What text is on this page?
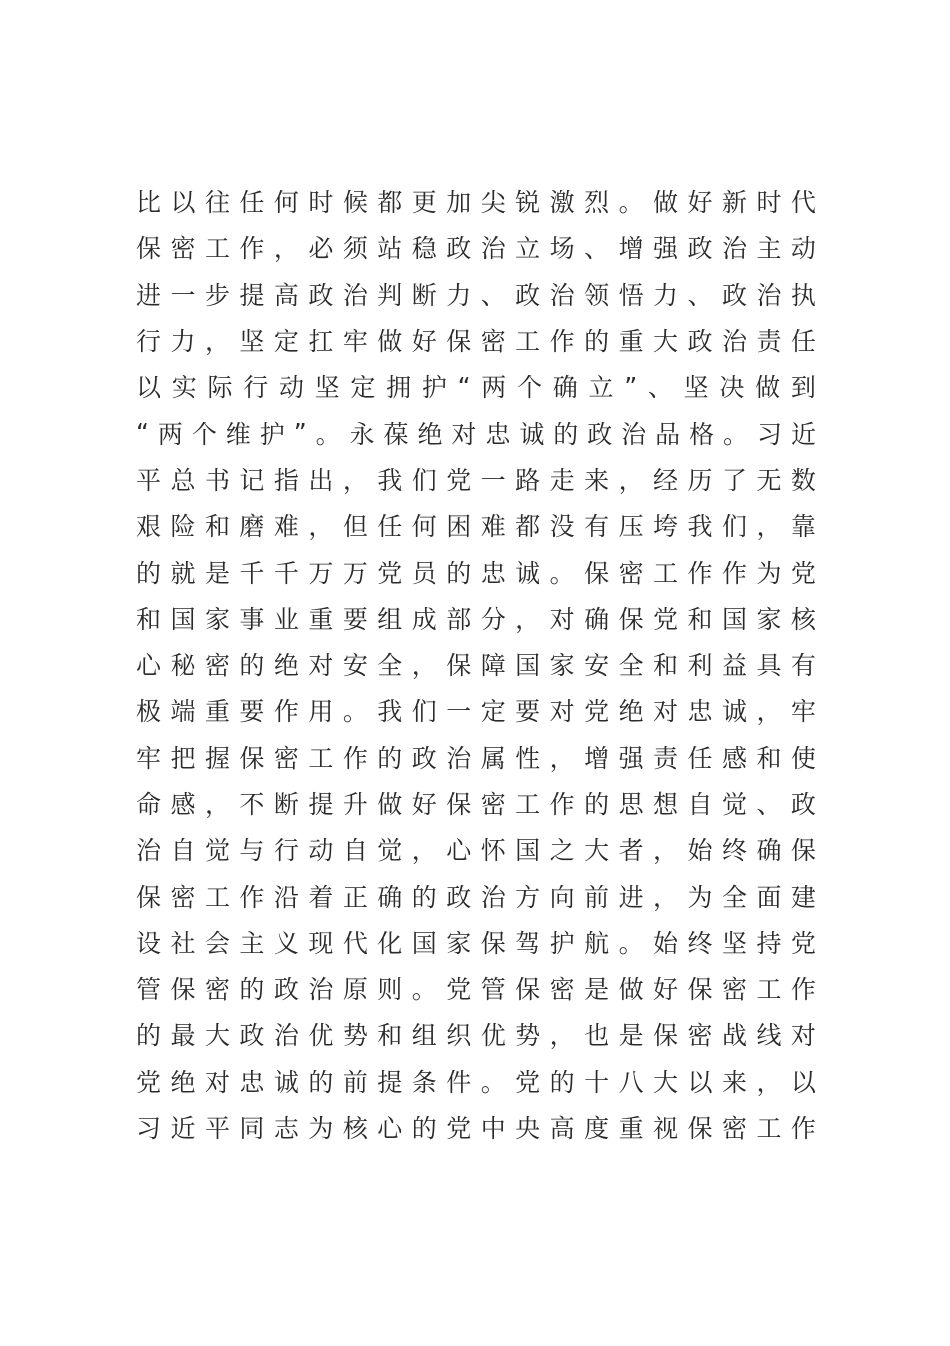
比 以 往 任 何 时 候 都 更 加 尖 锐 激 烈 。 做 好 新 时 代
保 密 工 作 ， 必 须 站 稳 政 治 立 场 、 增 强 政 治 主 动
进 一 步 提 高 政 治 判 断 力 、 政 治 领 悟 力 、 政 治 执
行 力 ， 坚 定 扛 牢 做 好 保 密 工 作 的 重 大 政 治 责 任
以 实 际 行 动 坚 定 拥 护 “ 两 个 确 立 ” 、 坚 决 做 到
“ 两 个 维 护 ” 。 永 葆 绝 对 忠 诚 的 政 治 品 格 。 习 近
平 总 书 记 指 出 ， 我 们 党 一 路 走 来 ， 经 历 了 无 数
艰 险 和 磨 难 ， 但 任 何 困 难 都 没 有 压 垮 我 们 ， 靠
的 就 是 千 千 万 万 党 员 的 忠 诚 。 保 密 工 作 作 为 党
和 国 家 事 业 重 要 组 成 部 分 ， 对 确 保 党 和 国 家 核
心 秘 密 的 绝 对 安 全 ， 保 障 国 家 安 全 和 利 益 具 有
极 端 重 要 作 用 。 我 们 一 定 要 对 党 绝 对 忠 诚 ， 牢
牢 把 握 保 密 工 作 的 政 治 属 性 ， 增 强 责 任 感 和 使
命 感 ， 不 断 提 升 做 好 保 密 工 作 的 思 想 自 觉 、 政
治 自 觉 与 行 动 自 觉 ， 心 怀 国 之 大 者 ， 始 终 确 保
保 密 工 作 沿 着 正 确 的 政 治 方 向 前 进 ， 为 全 面 建
设 社 会 主 义 现 代 化 国 家 保 驾 护 航 。 始 终 坚 持 党
管 保 密 的 政 治 原 则 。 党 管 保 密 是 做 好 保 密 工 作
的 最 大 政 治 优 势 和 组 织 优 势 ， 也 是 保 密 战 线 对
党 绝 对 忠 诚 的 前 提 条 件 。 党 的 十 八 大 以 来 ， 以
习 近 平 同 志 为 核 心 的 党 中 央 高 度 重 视 保 密 工 作
